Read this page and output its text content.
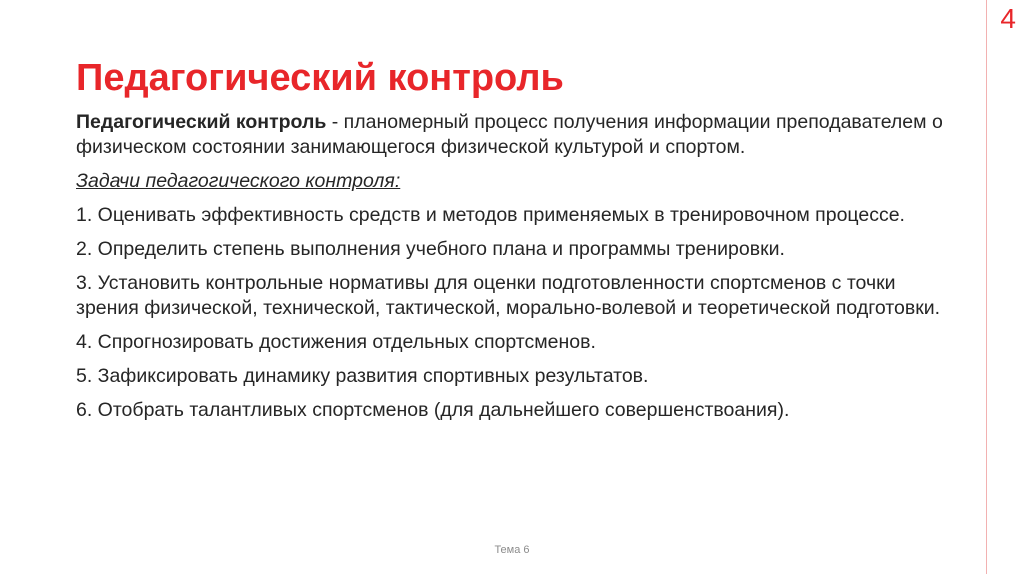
4
Педагогический контроль

Педагогический контроль - планомерный процесс получения информации преподавателем о физическом состоянии занимающегося физической культурой и спортом.

Задачи педагогического контроля:

1. Оценивать эффективность средств и методов применяемых в тренировочном процессе.

2. Определить степень выполнения учебного плана и программы тренировки.

3. Установить контрольные нормативы для оценки подготовленности спортсменов с точки зрения физической, технической, тактической, морально-волевой и теоретической подготовки.

4. Спрогнозировать достижения отдельных спортсменов.

5. Зафиксировать динамику развития спортивных результатов.

6. Отобрать талантливых спортсменов (для дальнейшего совершенствоания).

Тема 6
